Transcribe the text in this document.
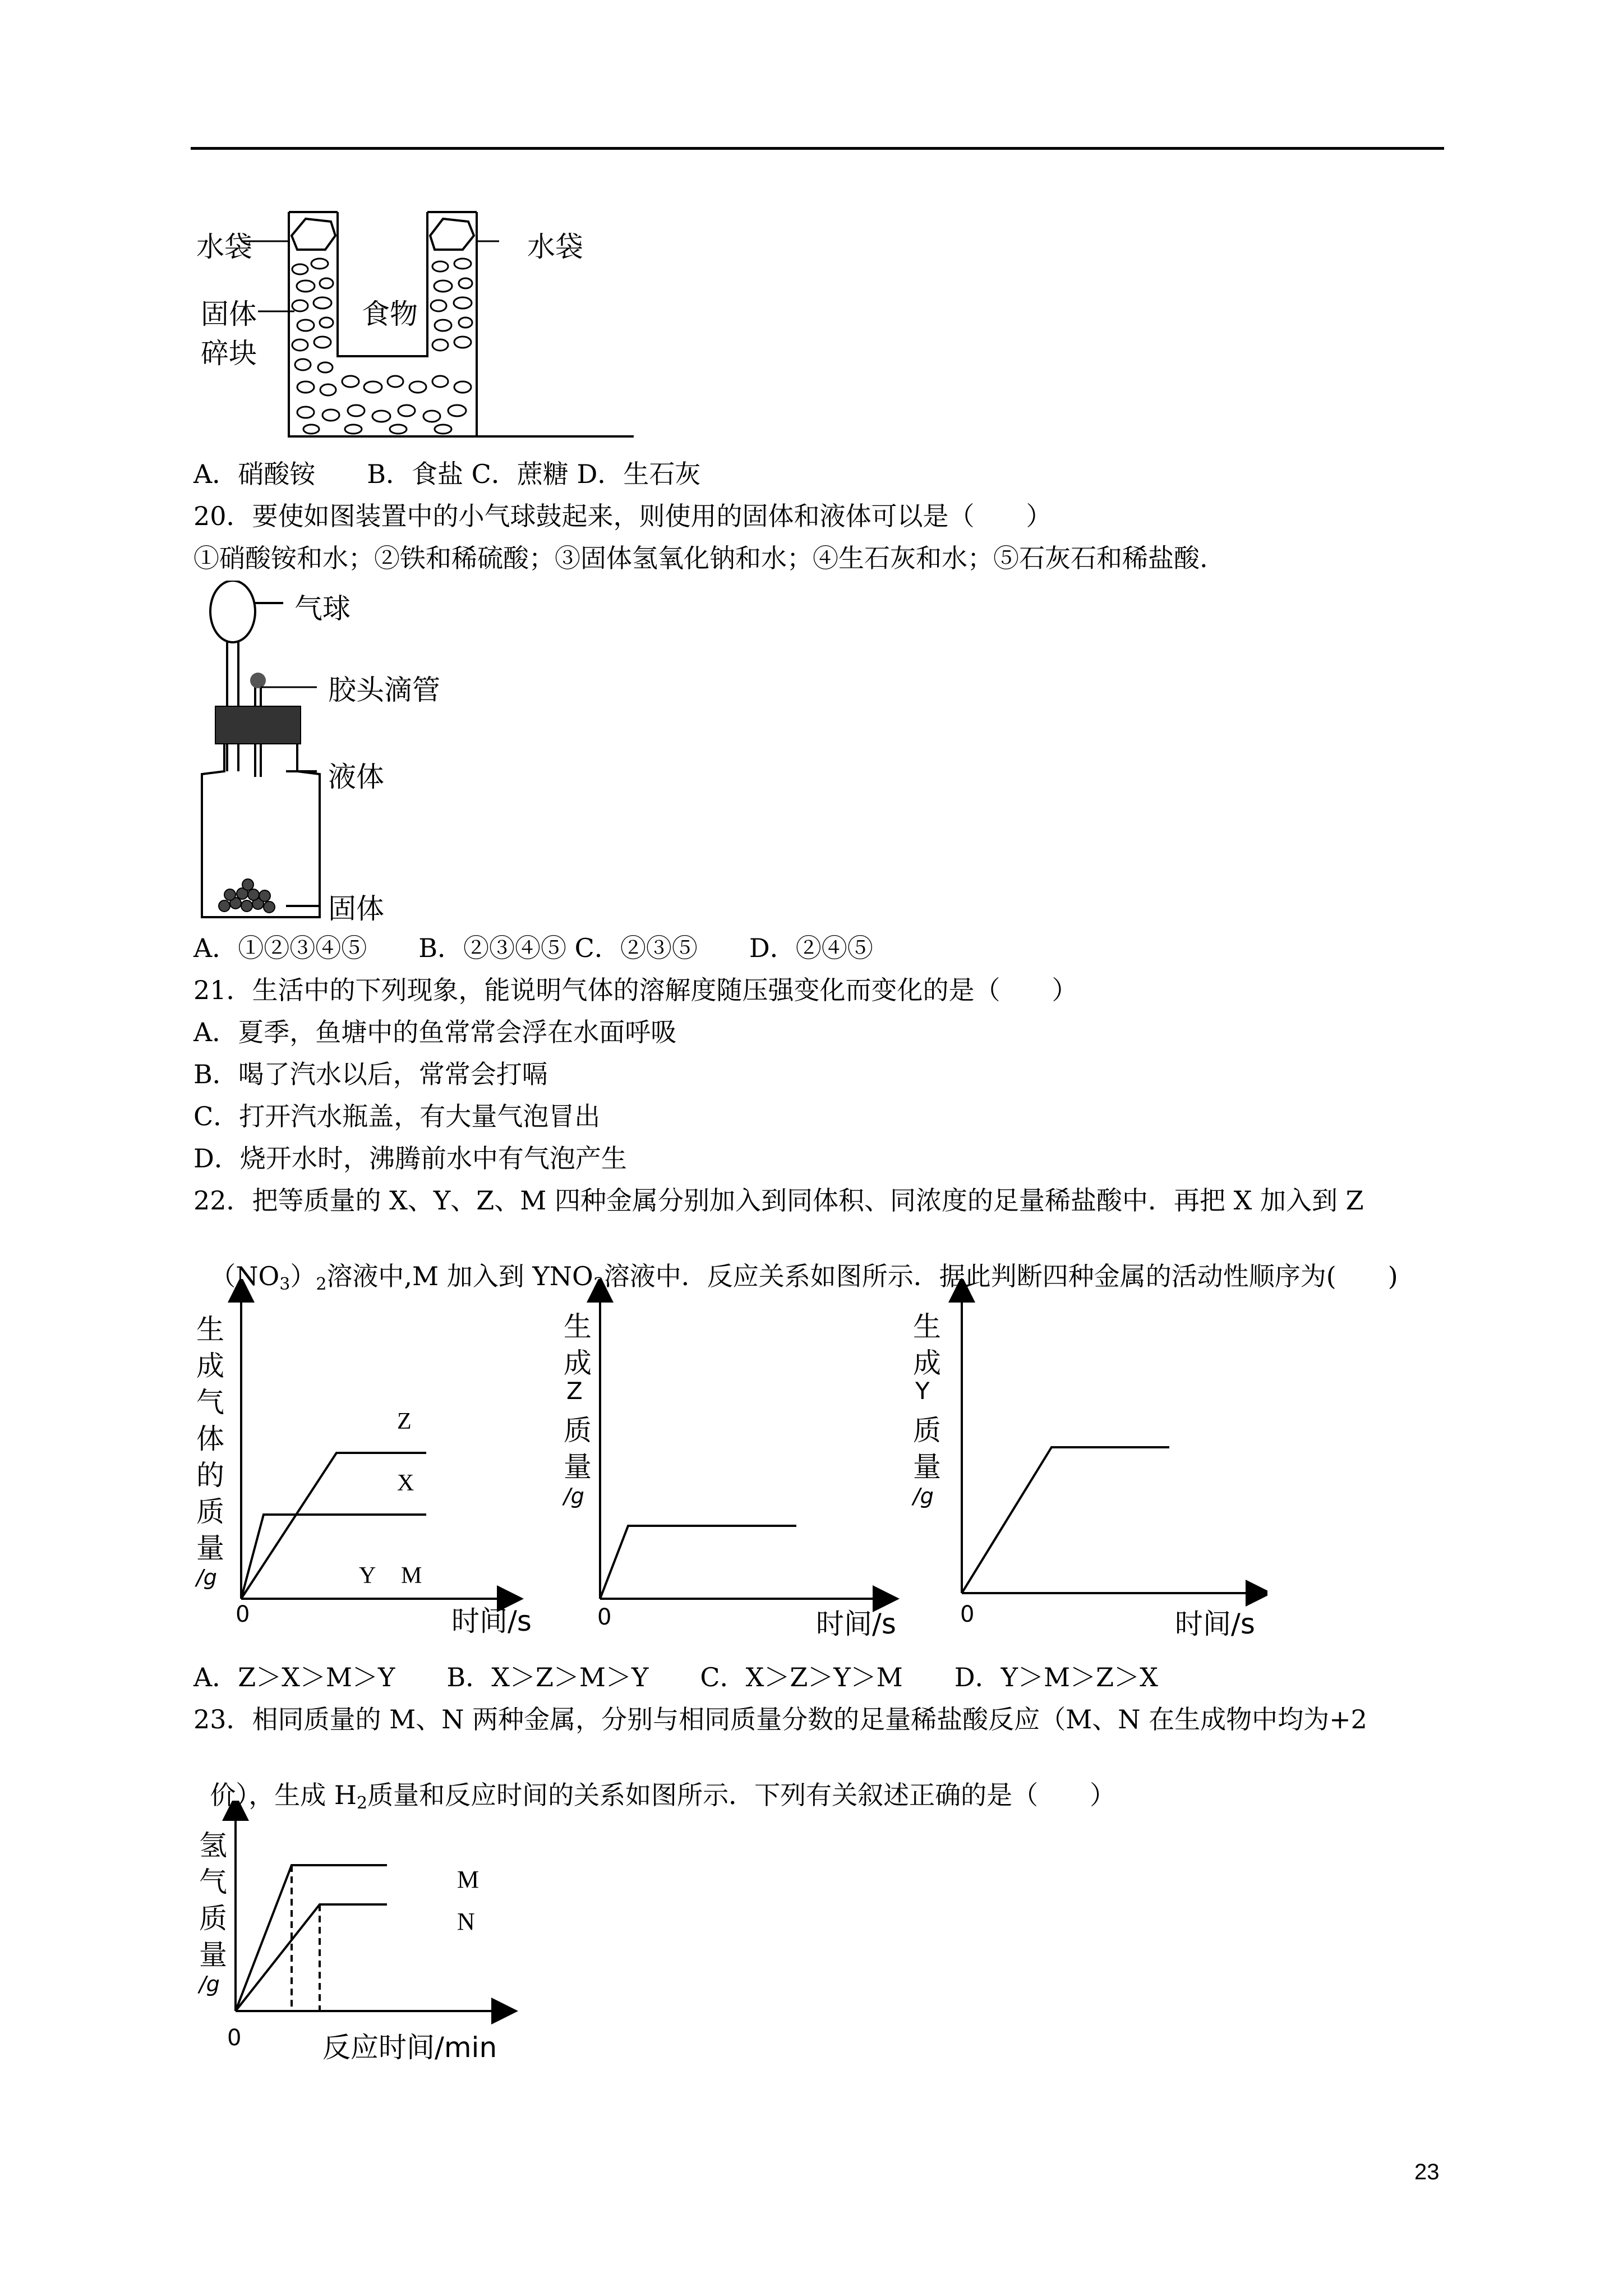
水袋	水袋
固体
碎块
食物
A．硝酸铵　　B．食盐 C．蔗糖 D．生石灰
20．要使如图装置中的小气球鼓起来，则使用的固体和液体可以是（　　）
①硝酸铵和水；②铁和稀硫酸；③固体氢氧化钠和水；④生石灰和水；⑤石灰石和稀盐酸.
气球
胶头滴管
液体
固体
A．①②③④⑤　　B．②③④⑤ C．②③⑤　　D．②④⑤
21．生活中的下列现象，能说明气体的溶解度随压强变化而变化的是（　　）
A．夏季，鱼塘中的鱼常常会浮在水面呼吸
B．喝了汽水以后，常常会打嗝
C．打开汽水瓶盖，有大量气泡冒出
D．烧开水时，沸腾前水中有气泡产生
22．把等质量的 X、Y、Z、M 四种金属分别加入到同体积、同浓度的足量稀盐酸中．再把 X 加入到 Z

$(NO_3)_2$溶液中,M 加入到 $YNO_3$溶液中．反应关系如图所示．据此判断四种金属的活动性顺序为(　　)

生
成
气
体
的
质
量
/g
0	时间/s
Z
X
Y M
生
成
Z
质
量
/g
0	时间/s
生
成
Y
质
量
/g
0	时间/s
A．Z＞X＞M＞Y　　B．X＞Z＞M＞Y　　C．X＞Z＞Y＞M　　D．Y＞M＞Z＞X
23．相同质量的 M、N 两种金属，分别与相同质量分数的足量稀盐酸反应（M、N 在生成物中均为+2

价），生成 $H_2$质量和反应时间的关系如图所示．下列有关叙述正确的是（　　）

氢
气
质
量
/g
0	反应时间/min
M
N
23
